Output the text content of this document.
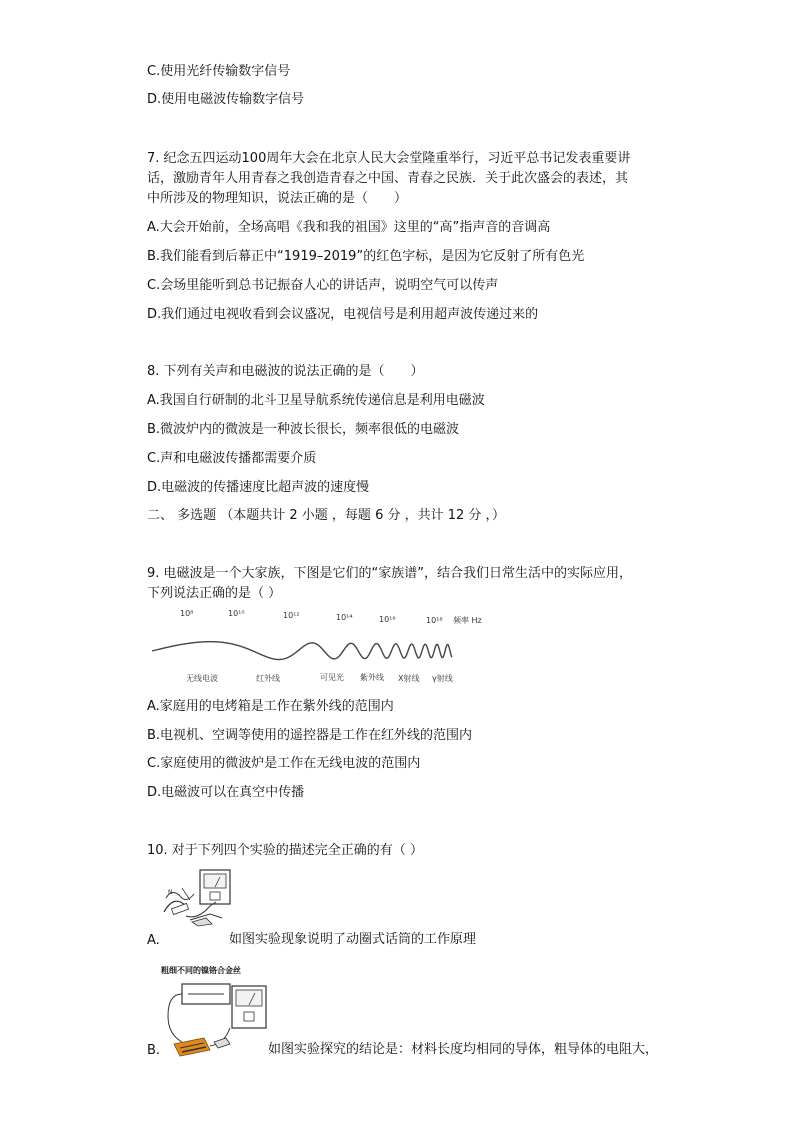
C.使用光纤传输数字信号
D.使用电磁波传输数字信号
7. 纪念五四运动100周年大会在北京人民大会堂隆重举行，习近平总书记发表重要讲
话，激励青年人用青春之我创造青春之中国、青春之民族．关于此次盛会的表述，其
中所涉及的物理知识，说法正确的是（　　）
A.大会开始前，全场高唱《我和我的祖国》这里的“高”指声音的音调高
B.我们能看到后幕正中“1919–2019”的红色字标，是因为它反射了所有色光
C.会场里能听到总书记振奋人心的讲话声，说明空气可以传声
D.我们通过电视收看到会议盛况，电视信号是利用超声波传递过来的
8. 下列有关声和电磁波的说法正确的是（　　）
A.我国自行研制的北斗卫星导航系统传递信息是利用电磁波
B.微波炉内的微波是一种波长很长，频率很低的电磁波
C.声和电磁波传播都需要介质
D.电磁波的传播速度比超声波的速度慢
二、 多选题 （本题共计 2 小题 ，每题 6 分 ，共计 12 分 ，）
9. 电磁波是一个大家族，下图是它们的“家族谱”，结合我们日常生活中的实际应用，
下列说法正确的是（ ）
10⁸	10¹⁰	10¹²	10¹⁴	10¹⁶	10¹⁸ 频率 Hz
无线电波	红外线	可见光 紫外线 X射线 γ射线
A.家庭用的电烤箱是工作在紫外线的范围内
B.电视机、空调等使用的遥控器是工作在红外线的范围内
C.家庭使用的微波炉是工作在无线电波的范围内
D.电磁波可以在真空中传播
10. 对于下列四个实验的描述完全正确的有（ ）
N
A.	如图实验现象说明了动圈式话筒的工作原理
粗细不同的镍铬合金丝
B.	如图实验探究的结论是：材料长度均相同的导体，粗导体的电阻大，
